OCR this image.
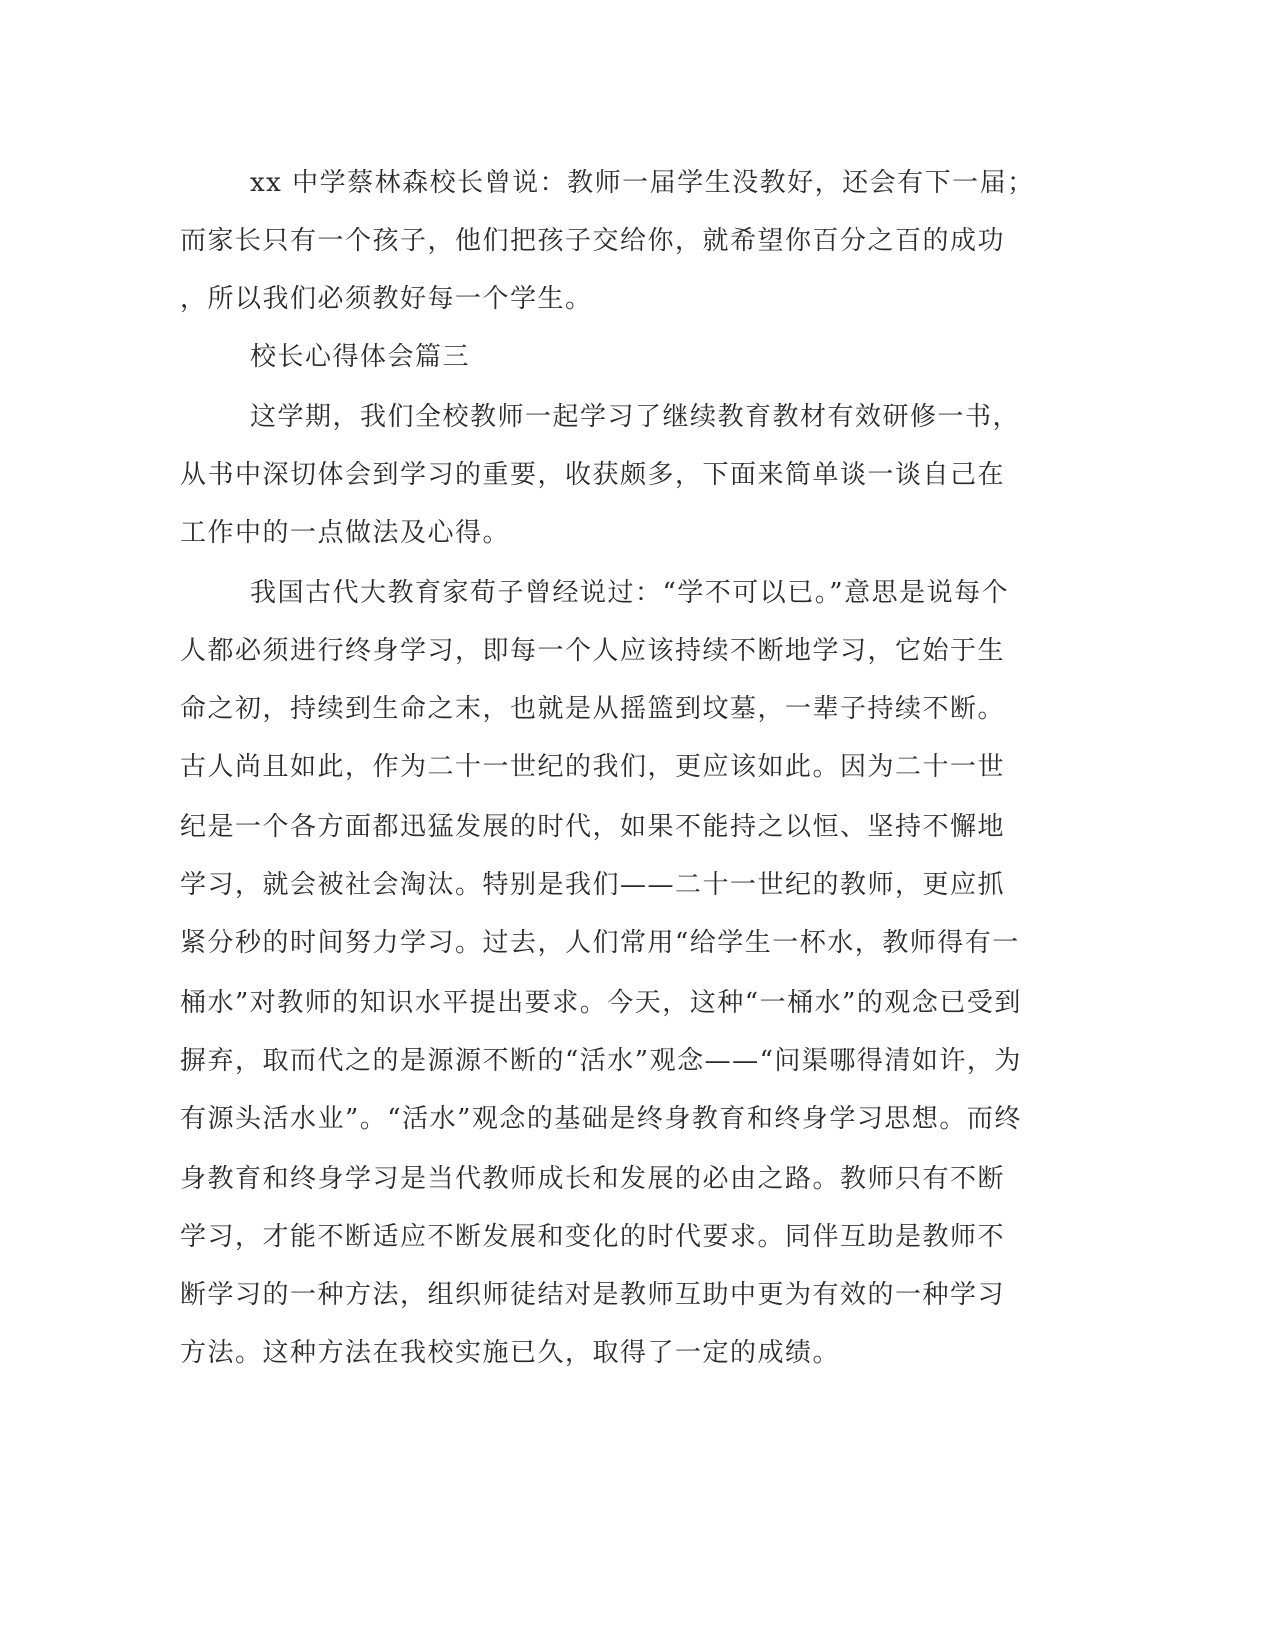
xx 中学蔡林森校长曾说：教师一届学生没教好，还会有下一届；

而家长只有一个孩子，他们把孩子交给你，就希望你百分之百的成功

，所以我们必须教好每一个学生。

校长心得体会篇三

这学期，我们全校教师一起学习了继续教育教材有效研修一书，

从书中深切体会到学习的重要，收获颇多，下面来简单谈一谈自己在

工作中的一点做法及心得。

我国古代大教育家荀子曾经说过：“学不可以已。”意思是说每个

人都必须进行终身学习，即每一个人应该持续不断地学习，它始于生

命之初，持续到生命之末，也就是从摇篮到坟墓，一辈子持续不断。

古人尚且如此，作为二十一世纪的我们，更应该如此。因为二十一世

纪是一个各方面都迅猛发展的时代，如果不能持之以恒、坚持不懈地

学习，就会被社会淘汰。特别是我们——二十一世纪的教师，更应抓

紧分秒的时间努力学习。过去，人们常用“给学生一杯水，教师得有一

桶水”对教师的知识水平提出要求。今天，这种“一桶水”的观念已受到

摒弃，取而代之的是源源不断的“活水”观念——“问渠哪得清如许，为

有源头活水业”。“活水”观念的基础是终身教育和终身学习思想。而终

身教育和终身学习是当代教师成长和发展的必由之路。教师只有不断

学习，才能不断适应不断发展和变化的时代要求。同伴互助是教师不

断学习的一种方法，组织师徒结对是教师互助中更为有效的一种学习

方法。这种方法在我校实施已久，取得了一定的成绩。
